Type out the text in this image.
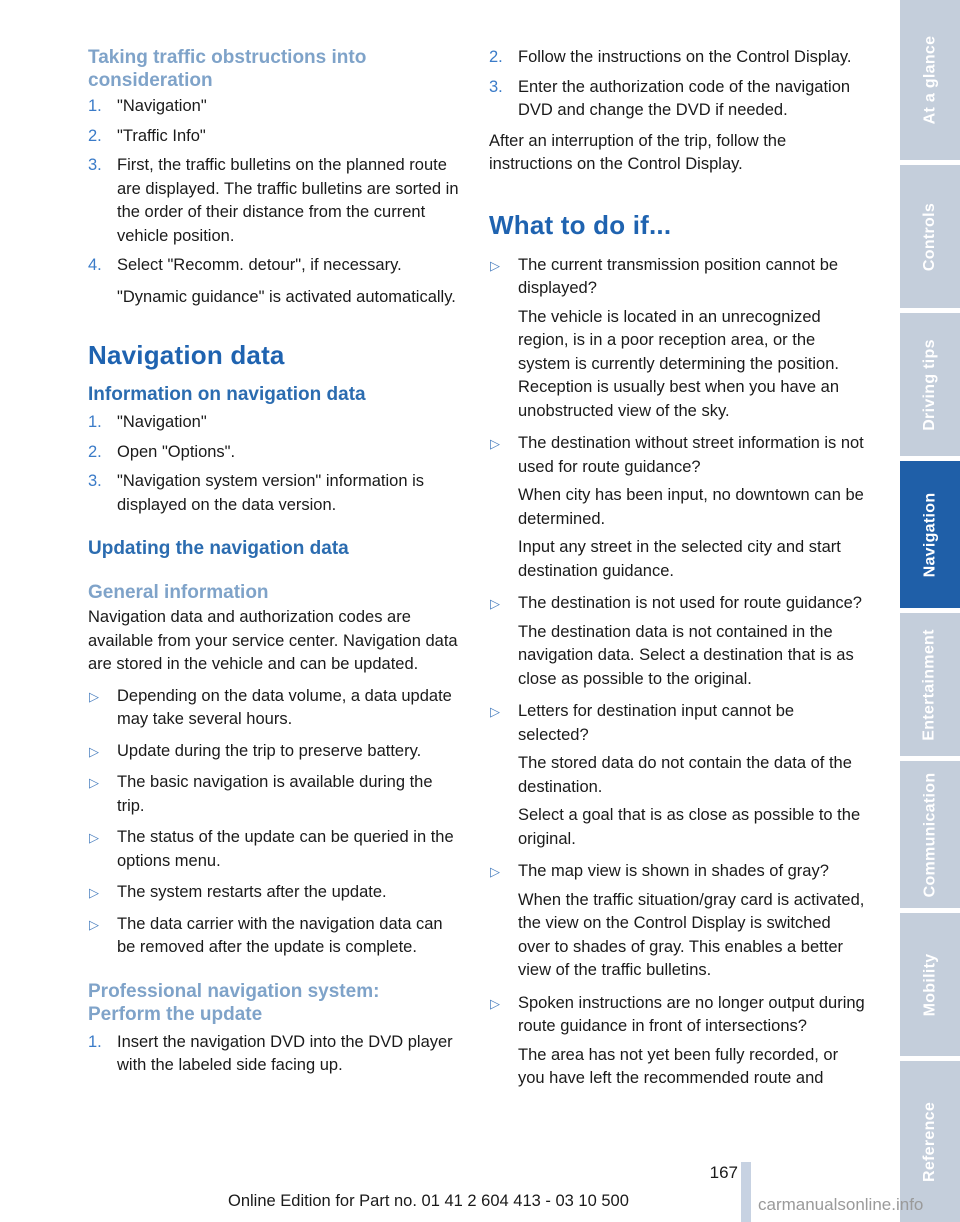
Taking traffic obstructions into consideration
1. "Navigation"
2. "Traffic Info"
3. First, the traffic bulletins on the planned route are displayed. The traffic bulletins are sorted in the order of their distance from the current vehicle position.
4. Select "Recomm. detour", if necessary.
"Dynamic guidance" is activated automatically.
Navigation data
Information on navigation data
1. "Navigation"
2. Open "Options".
3. "Navigation system version" information is displayed on the data version.
Updating the navigation data
General information
Navigation data and authorization codes are available from your service center. Navigation data are stored in the vehicle and can be updated.
▷ Depending on the data volume, a data update may take several hours.
▷ Update during the trip to preserve battery.
▷ The basic navigation is available during the trip.
▷ The status of the update can be queried in the options menu.
▷ The system restarts after the update.
▷ The data carrier with the navigation data can be removed after the update is complete.
Professional navigation system: Perform the update
1. Insert the navigation DVD into the DVD player with the labeled side facing up.
2. Follow the instructions on the Control Display.
3. Enter the authorization code of the navigation DVD and change the DVD if needed.
After an interruption of the trip, follow the instructions on the Control Display.
What to do if...
▷ The current transmission position cannot be displayed?
The vehicle is located in an unrecognized region, is in a poor reception area, or the system is currently determining the position. Reception is usually best when you have an unobstructed view of the sky.
▷ The destination without street information is not used for route guidance?
When city has been input, no downtown can be determined.
Input any street in the selected city and start destination guidance.
▷ The destination is not used for route guidance?
The destination data is not contained in the navigation data. Select a destination that is as close as possible to the original.
▷ Letters for destination input cannot be selected?
The stored data do not contain the data of the destination.
Select a goal that is as close as possible to the original.
▷ The map view is shown in shades of gray?
When the traffic situation/gray card is activated, the view on the Control Display is switched over to shades of gray. This enables a better view of the traffic bulletins.
▷ Spoken instructions are no longer output during route guidance in front of intersections?
The area has not yet been fully recorded, or you have left the recommended route and
At a glance
Controls
Driving tips
Navigation
Entertainment
Communication
Mobility
Reference
167
Online Edition for Part no. 01 41 2 604 413 - 03 10 500	carmanualsonline.info
